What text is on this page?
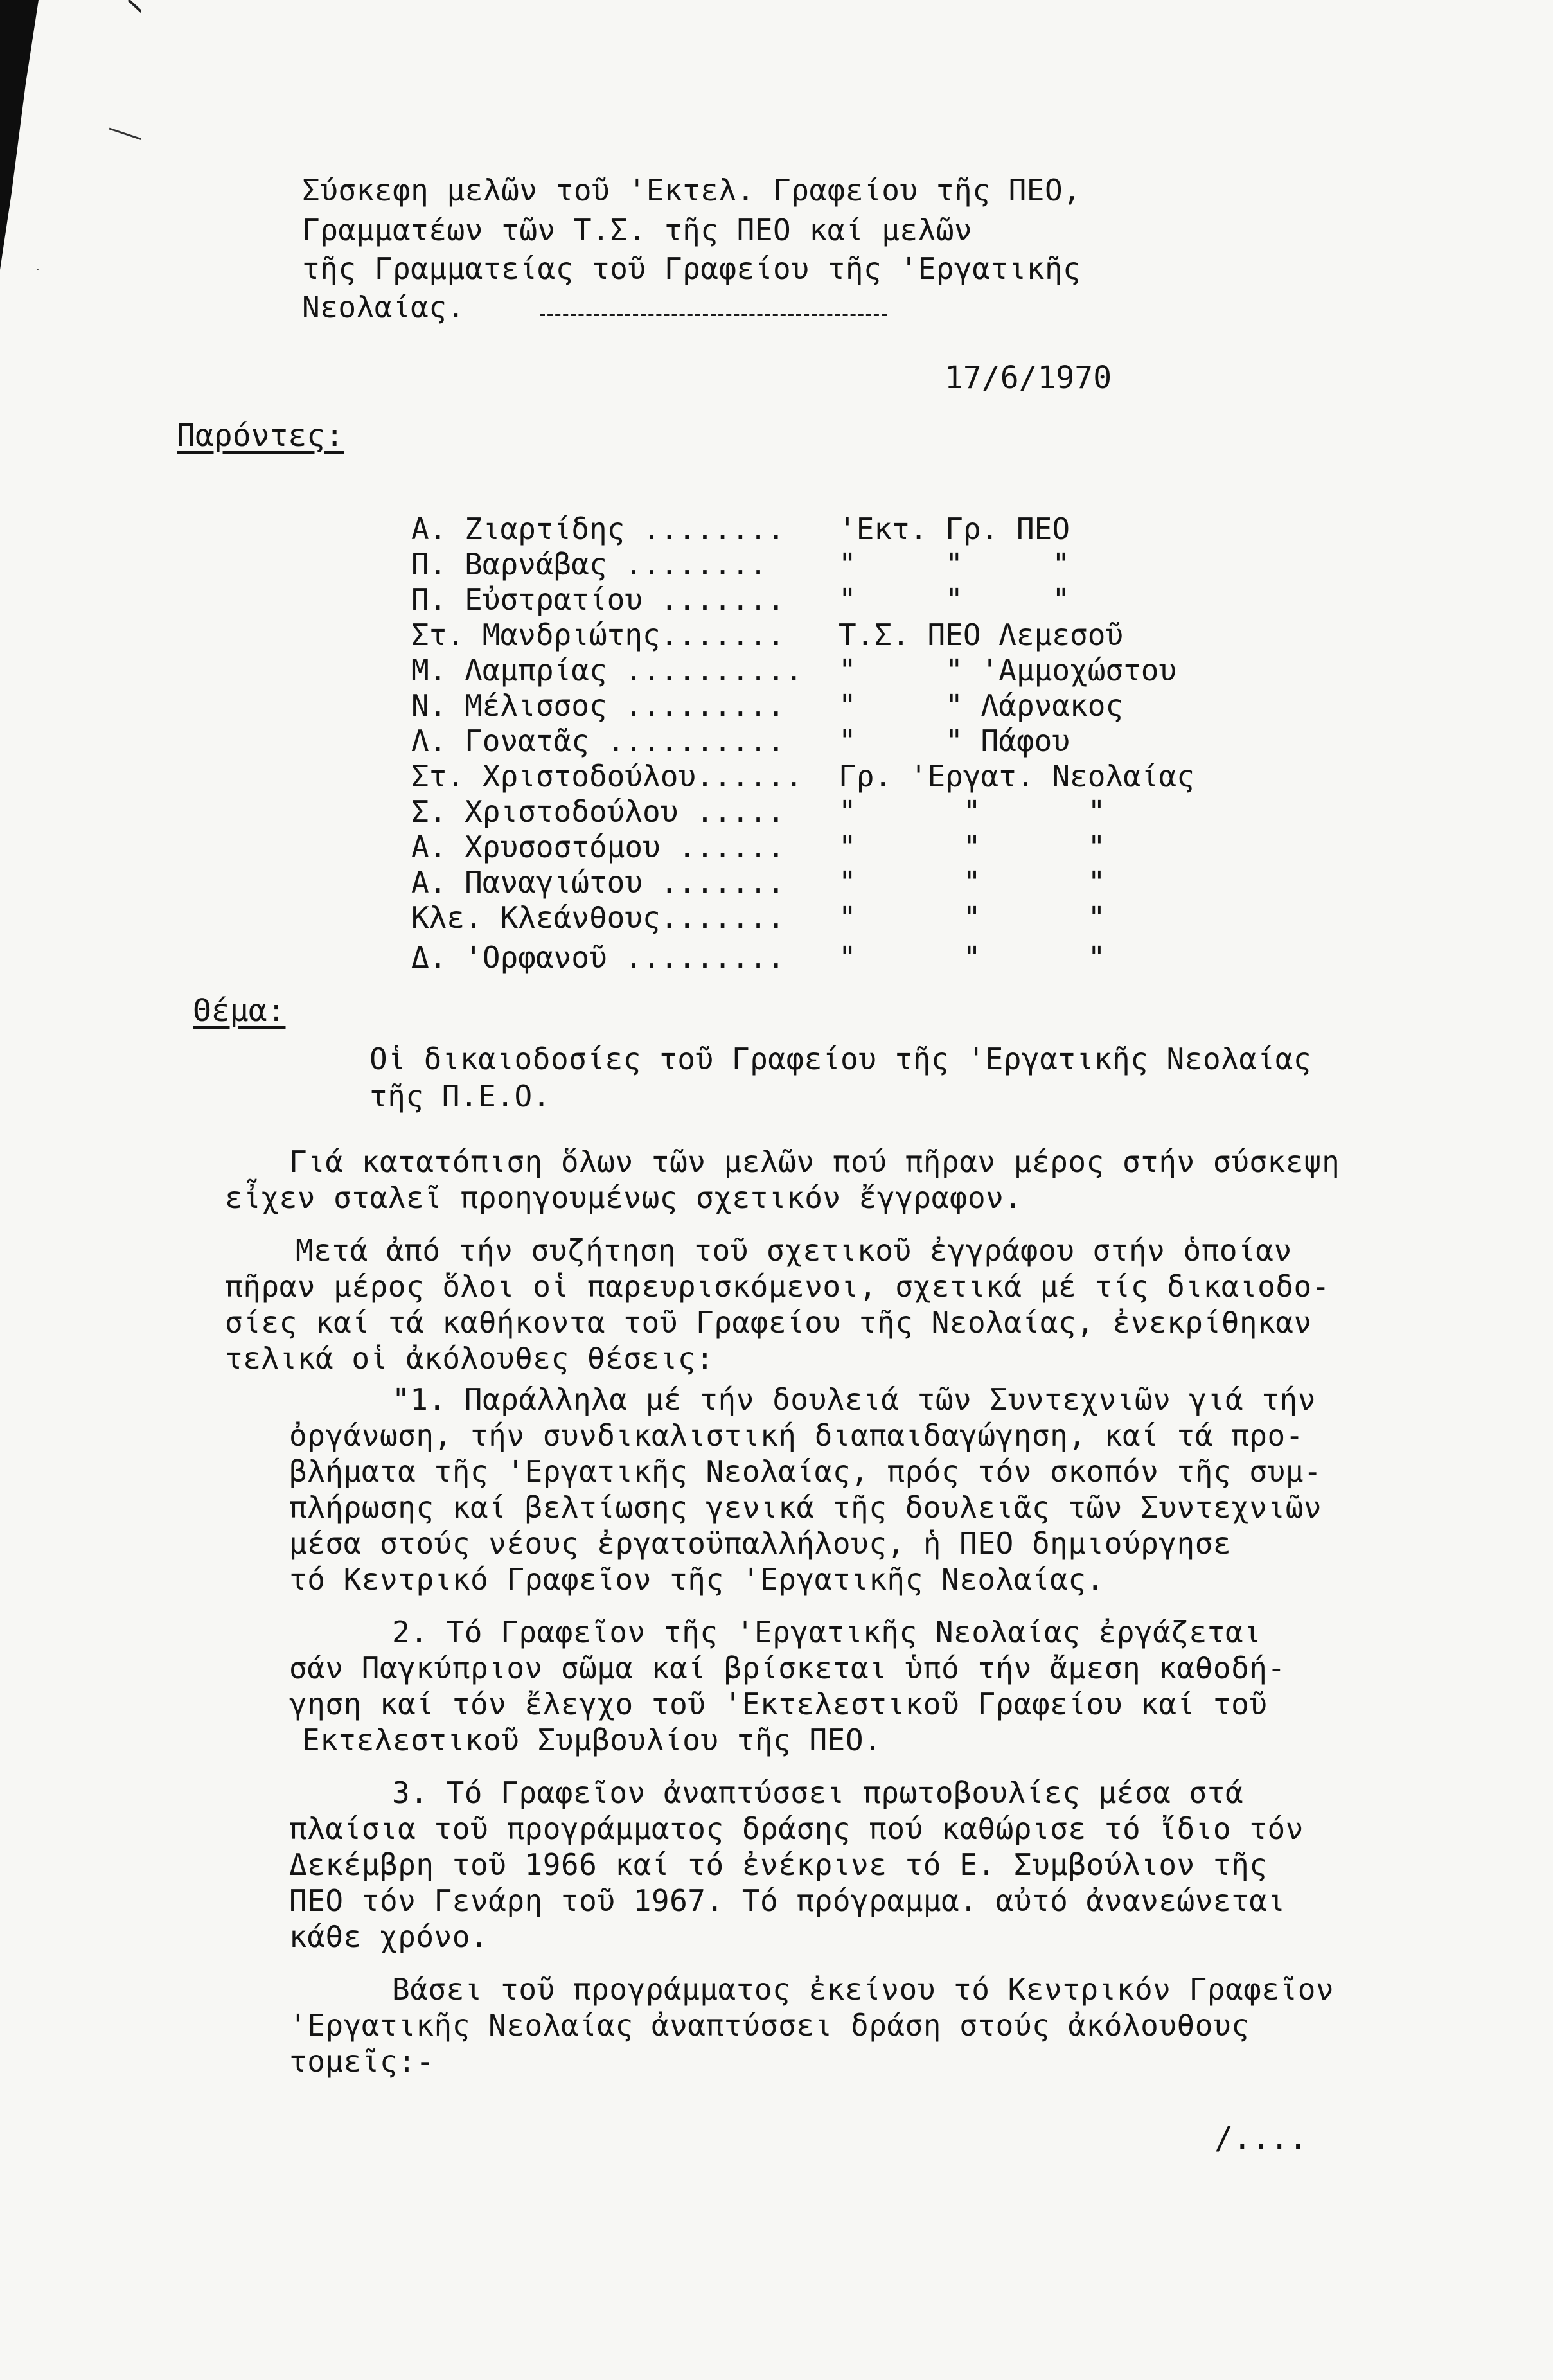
Σύσκεφη μελῶν τοῦ 'Εκτελ. Γραφείου τῆς ΠΕΟ,
Γραμματέων τῶν Τ.Σ. τῆς ΠΕΟ καί μελῶν
τῆς Γραμματείας τοῦ Γραφείου τῆς 'Εργατικῆς
Νεολαίας.
17/6/1970
Παρόντες:

Α. Ζιαρτίδης ........

'Εκτ. Γρ. ΠΕΟ

Π. Βαρνάβας ........

"     "     "

Π. Εὐστρατίου .......

"     "     "

Στ. Μανδριώτης.......

Τ.Σ. ΠΕΟ Λεμεσοῦ

Μ. Λαμπρίας ..........

"     " 'Αμμοχώστου

Ν. Μέλισσος .........

"     " Λάρνακος

Λ. Γονατᾶς ..........

"     " Πάφου

Στ. Χριστοδούλου......

Γρ. 'Εργατ. Νεολαίας

Σ. Χριστοδούλου .....

"      "      "

Α. Χρυσοστόμου ......

"      "      "

Α. Παναγιώτου .......

"      "      "

Κλε. Κλεάνθους.......

"      "      "

Δ. 'Ορφανοῦ .........

"      "      "

Θέμα:
Οἱ δικαιοδοσίες τοῦ Γραφείου τῆς 'Εργατικῆς Νεολαίας
τῆς Π.Ε.Ο.
Γιά κατατόπιση ὅλων τῶν μελῶν πού πῆραν μέρος στήν σύσκεψη
εἶχεν σταλεῖ προηγουμένως σχετικόν ἔγγραφον.
Μετά ἀπό τήν συζήτηση τοῦ σχετικοῦ ἐγγράφου στήν ὁποίαν
πῆραν μέρος ὅλοι οἱ παρευρισκόμενοι, σχετικά μέ τίς δικαιοδο-
σίες καί τά καθήκοντα τοῦ Γραφείου τῆς Νεολαίας, ἐνεκρίθηκαν
τελικά οἱ ἀκόλουθες θέσεις:
"1. Παράλληλα μέ τήν δουλειά τῶν Συντεχνιῶν γιά τήν
ὀργάνωση, τήν συνδικαλιστική διαπαιδαγώγηση, καί τά προ-
βλήματα τῆς 'Εργατικῆς Νεολαίας, πρός τόν σκοπόν τῆς συμ-
πλήρωσης καί βελτίωσης γενικά τῆς δουλειᾶς τῶν Συντεχνιῶν
μέσα στούς νέους ἐργατοϋπαλλήλους, ἡ ΠΕΟ δημιούργησε
τό Κεντρικό Γραφεῖον τῆς 'Εργατικῆς Νεολαίας.
2. Τό Γραφεῖον τῆς 'Εργατικῆς Νεολαίας ἐργάζεται
σάν Παγκύπριον σῶμα καί βρίσκεται ὑπό τήν ἄμεση καθοδή-
γηση καί τόν ἔλεγχο τοῦ 'Εκτελεστικοῦ Γραφείου καί τοῦ
Εκτελεστικοῦ Συμβουλίου τῆς ΠΕΟ.
3. Τό Γραφεῖον ἀναπτύσσει πρωτοβουλίες μέσα στά
πλαίσια τοῦ προγράμματος δράσης πού καθώρισε τό ἴδιο τόν
Δεκέμβρη τοῦ 1966 καί τό ἐνέκρινε τό Ε. Συμβούλιον τῆς
ΠΕΟ τόν Γενάρη τοῦ 1967. Τό πρόγραμμα. αὐτό ἀνανεώνεται
κάθε χρόνο.
Βάσει τοῦ προγράμματος ἐκείνου τό Κεντρικόν Γραφεῖον
'Εργατικῆς Νεολαίας ἀναπτύσσει δράση στούς ἀκόλουθους
τομεῖς:-
/....
